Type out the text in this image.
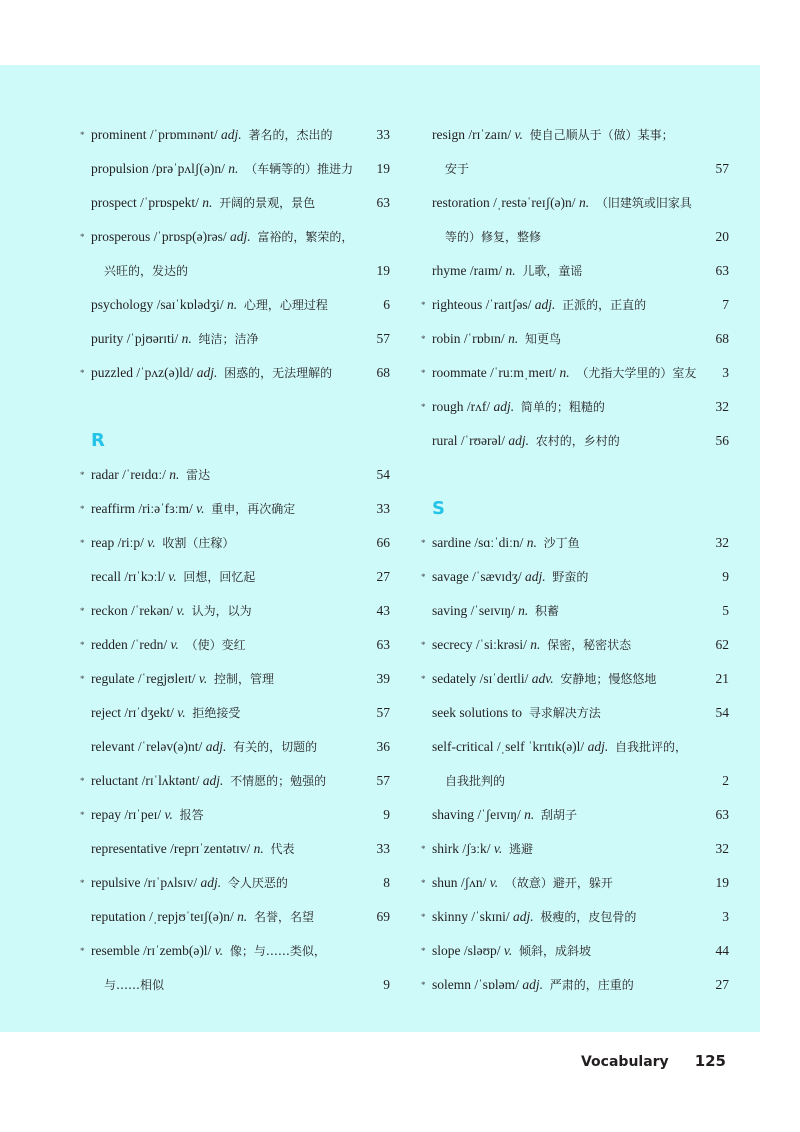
* prominent /ˈprɒmɪnənt/ adj.  著名的，杰出的	33
propulsion /prəˈpʌlʃ(ə)n/ n.  （车辆等的）推进力 19
prospect /ˈprɒspekt/ n.  开阔的景观，景色	63
* prosperous /ˈprɒsp(ə)rəs/ adj.  富裕的，繁荣的，
兴旺的，发达的	19
psychology /saɪˈkɒlədʒi/ n.  心理，心理过程	6
purity /ˈpjʊərɪti/ n.  纯洁；洁净	57
* puzzled /ˈpʌz(ə)ld/ adj.  困惑的，无法理解的	68
R
* radar /ˈreɪdɑː/ n.  雷达	54
* reaffirm /riːəˈfɜːm/ v.  重申，再次确定	33
* reap /riːp/ v.  收割（庄稼）	66
recall /rɪˈkɔːl/ v.  回想，回忆起	27
* reckon /ˈrekən/ v.  认为，以为	43
* redden /ˈredn/ v.  （使）变红	63
* regulate /ˈregjʊleɪt/ v.  控制，管理	39
reject /rɪˈdʒekt/ v.  拒绝接受	57
relevant /ˈreləv(ə)nt/ adj.  有关的，切题的	36
* reluctant /rɪˈlʌktənt/ adj.  不情愿的；勉强的	57
* repay /rɪˈpeɪ/ v.  报答	9
representative /reprɪˈzentətɪv/ n.  代表	33
* repulsive /rɪˈpʌlsɪv/ adj.  令人厌恶的	8
reputation /ˌrepjʊˈteɪʃ(ə)n/ n.  名誉，名望	69
* resemble /rɪˈzemb(ə)l/ v.  像；与……类似，
与……相似	9
resign /rɪˈzaɪn/ v.  使自己顺从于（做）某事；
安于	57
restoration /ˌrestəˈreɪʃ(ə)n/ n.  （旧建筑或旧家具
等的）修复，整修	20
rhyme /raɪm/ n.  儿歌，童谣	63
* righteous /ˈraɪtʃəs/ adj.  正派的，正直的	7
* robin /ˈrɒbɪn/ n.  知更鸟	68
* roommate /ˈruːmˌmeɪt/ n.  （尤指大学里的）室友 3
* rough /rʌf/ adj.  简单的；粗糙的	32
rural /ˈrʊərəl/ adj.  农村的，乡村的	56
S
* sardine /sɑːˈdiːn/ n.  沙丁鱼	32
* savage /ˈsævɪdʒ/ adj.  野蛮的	9
saving /ˈseɪvɪŋ/ n.  积蓄	5
* secrecy /ˈsiːkrəsi/ n.  保密，秘密状态	62
* sedately /sɪˈdeɪtli/ adv.  安静地；慢悠悠地	21
seek solutions to  寻求解决方法	54
self-critical /ˌself ˈkrɪtɪk(ə)l/ adj.  自我批评的，
自我批判的	2
shaving /ˈʃeɪvɪŋ/ n.  刮胡子	63
* shirk /ʃɜːk/ v.  逃避	32
* shun /ʃʌn/ v.  （故意）避开，躲开	19
* skinny /ˈskɪni/ adj.  极瘦的，皮包骨的	3
* slope /sləʊp/ v.  倾斜，成斜坡	44
* solemn /ˈsɒləm/ adj.  严肃的，庄重的	27
Vocabulary 125
